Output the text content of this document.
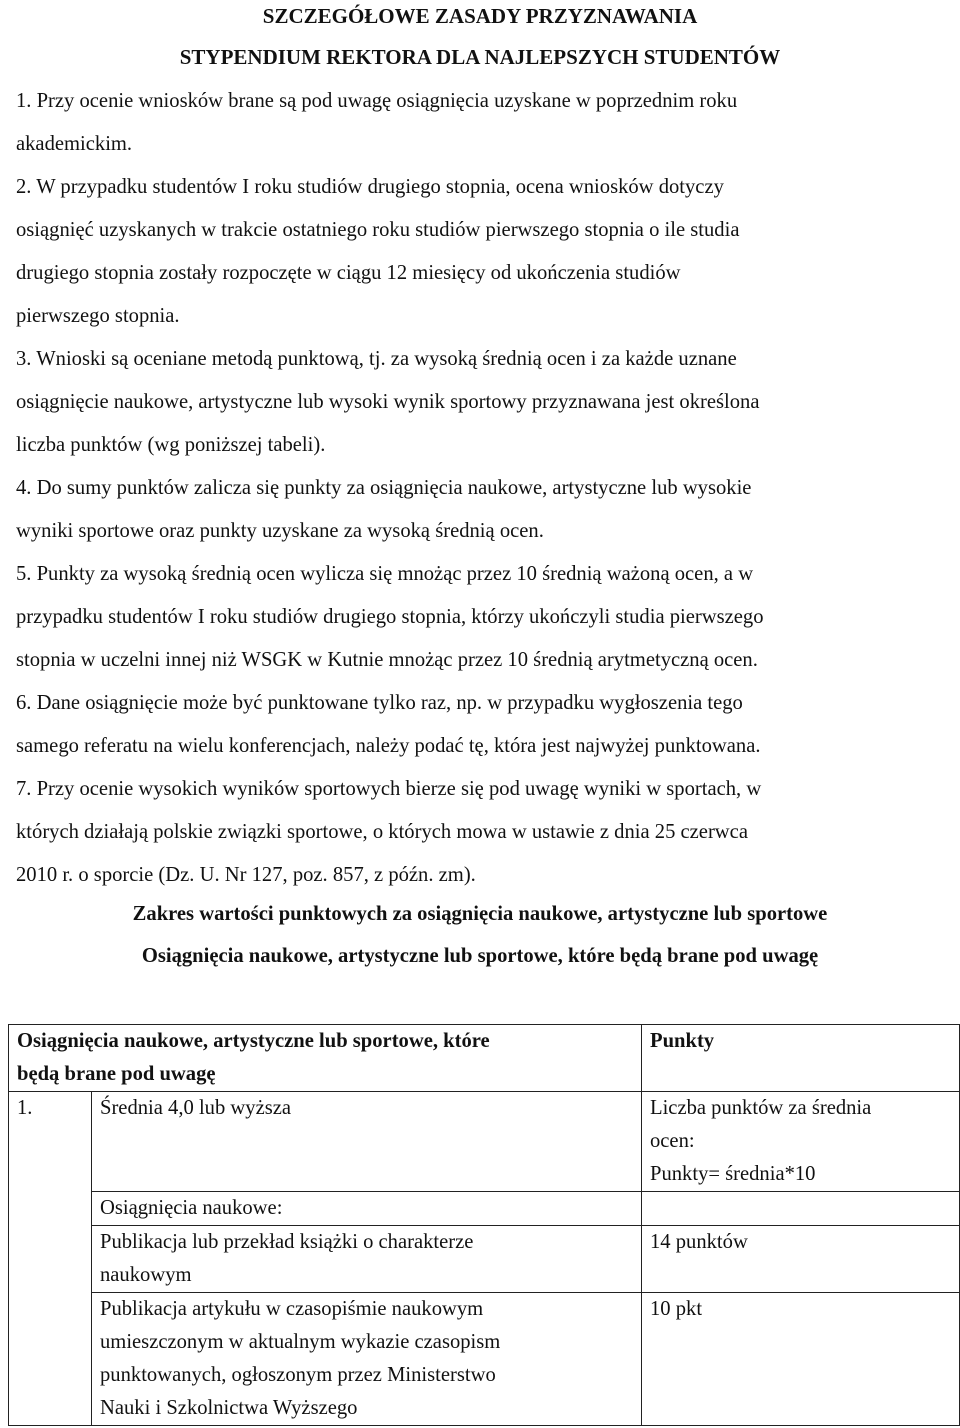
SZCZEGÓŁOWE ZASADY PRZYZNAWANIA
STYPENDIUM REKTORA DLA NAJLEPSZYCH STUDENTÓW
1. Przy ocenie wniosków brane są pod uwagę osiągnięcia uzyskane w poprzednim roku
akademickim.
2. W przypadku studentów I roku studiów drugiego stopnia, ocena wniosków dotyczy
osiągnięć uzyskanych w trakcie ostatniego roku studiów pierwszego stopnia o ile studia
drugiego stopnia zostały rozpoczęte w ciągu 12 miesięcy od ukończenia studiów
pierwszego stopnia.
3. Wnioski są oceniane metodą punktową, tj. za wysoką średnią ocen i za każde uznane
osiągnięcie naukowe, artystyczne lub wysoki wynik sportowy przyznawana jest określona
liczba punktów (wg poniższej tabeli).
4. Do sumy punktów zalicza się punkty za osiągnięcia naukowe, artystyczne lub wysokie
wyniki sportowe oraz punkty uzyskane za wysoką średnią ocen.
5. Punkty za wysoką średnią ocen wylicza się mnożąc przez 10 średnią ważoną ocen, a w
przypadku studentów I roku studiów drugiego stopnia, którzy ukończyli studia pierwszego
stopnia w uczelni innej niż WSGK w Kutnie mnożąc przez 10 średnią arytmetyczną ocen.
6. Dane osiągnięcie może być punktowane tylko raz, np. w przypadku wygłoszenia tego
samego referatu na wielu konferencjach, należy podać tę, która jest najwyżej punktowana.
7. Przy ocenie wysokich wyników sportowych bierze się pod uwagę wyniki w sportach, w
których działają polskie związki sportowe, o których mowa w ustawie z dnia 25 czerwca
2010 r. o sporcie (Dz. U. Nr 127, poz. 857, z późn. zm).
Zakres wartości punktowych za osiągnięcia naukowe, artystyczne lub sportowe
Osiągnięcia naukowe, artystyczne lub sportowe, które będą brane pod uwagę
Osiągnięcia naukowe, artystyczne lub sportowe, które
będą brane pod uwagę		Punkty
1.	Średnia 4,0 lub wyższa	Liczba punktów za średnia
ocen:
Punkty= średnia*10

	Osiągnięcia naukowe:	

	Publikacja lub przekład książki o charakterze
naukowym	14 punktów

	Publikacja artykułu w czasopiśmie naukowym
umieszczonym w aktualnym wykazie czasopism
punktowanych, ogłoszonym przez Ministerstwo
Nauki i Szkolnictwa Wyższego	10 pkt
